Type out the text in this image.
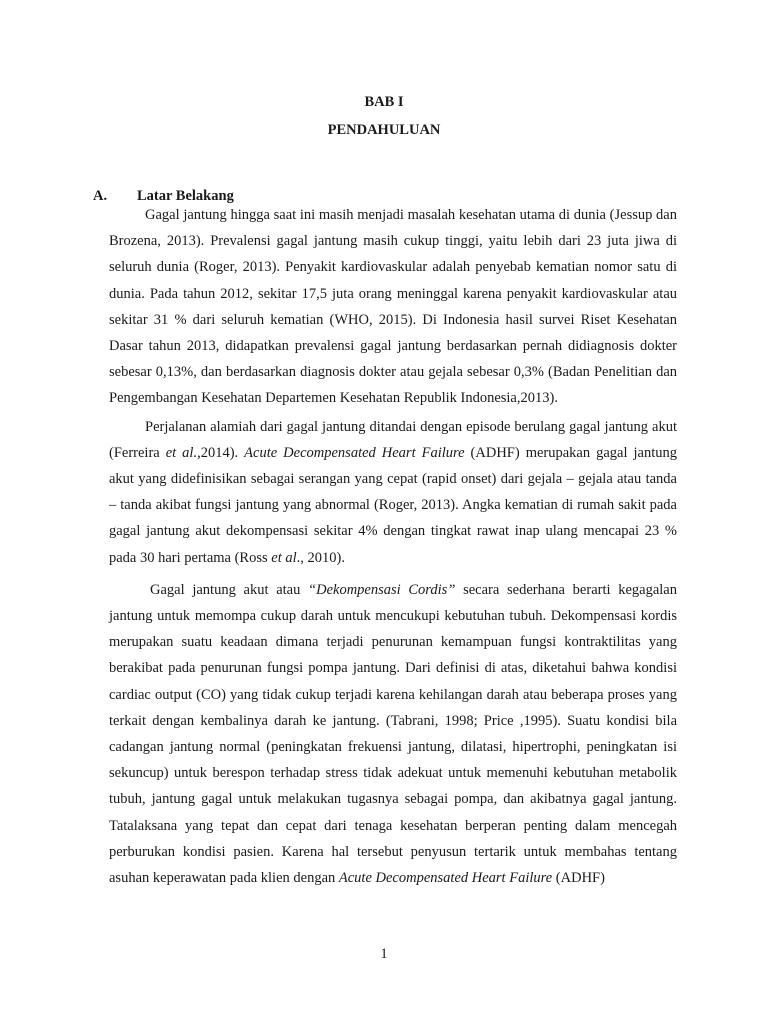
BAB I
PENDAHULUAN
A.	Latar Belakang

Gagal jantung hingga saat ini masih menjadi masalah kesehatan utama di dunia (Jessup dan Brozena, 2013). Prevalensi gagal jantung masih cukup tinggi, yaitu lebih dari 23 juta jiwa di seluruh dunia (Roger, 2013). Penyakit kardiovaskular adalah penyebab kematian nomor satu di dunia. Pada tahun 2012, sekitar 17,5 juta orang meninggal karena penyakit kardiovaskular atau sekitar 31 % dari seluruh kematian (WHO, 2015). Di Indonesia hasil survei Riset Kesehatan Dasar tahun 2013, didapatkan prevalensi gagal jantung berdasarkan pernah didiagnosis dokter sebesar 0,13%, dan berdasarkan diagnosis dokter atau gejala sebesar 0,3% (Badan Penelitian dan Pengembangan Kesehatan Departemen Kesehatan Republik Indonesia,2013).

Perjalanan alamiah dari gagal jantung ditandai dengan episode berulang gagal jantung akut (Ferreira et al.,2014). Acute Decompensated Heart Failure (ADHF) merupakan gagal jantung akut yang didefinisikan sebagai serangan yang cepat (rapid onset) dari gejala – gejala atau tanda – tanda akibat fungsi jantung yang abnormal (Roger, 2013). Angka kematian di rumah sakit pada gagal jantung akut dekompensasi sekitar 4% dengan tingkat rawat inap ulang mencapai 23 % pada 30 hari pertama (Ross et al., 2010).

Gagal jantung akut atau “Dekompensasi Cordis” secara sederhana berarti kegagalan jantung untuk memompa cukup darah untuk mencukupi kebutuhan tubuh. Dekompensasi kordis merupakan suatu keadaan dimana terjadi penurunan kemampuan fungsi kontraktilitas yang berakibat pada penurunan fungsi pompa jantung. Dari definisi di atas, diketahui bahwa kondisi cardiac output (CO) yang tidak cukup terjadi karena kehilangan darah atau beberapa proses yang terkait dengan kembalinya darah ke jantung. (Tabrani, 1998; Price ,1995). Suatu kondisi bila cadangan jantung normal (peningkatan frekuensi jantung, dilatasi, hipertrophi, peningkatan isi sekuncup) untuk berespon terhadap stress tidak adekuat untuk memenuhi kebutuhan metabolik tubuh, jantung gagal untuk melakukan tugasnya sebagai pompa, dan akibatnya gagal jantung. Tatalaksana yang tepat dan cepat dari tenaga kesehatan berperan penting dalam mencegah perburukan kondisi pasien. Karena hal tersebut penyusun tertarik untuk membahas tentang asuhan keperawatan pada klien dengan Acute Decompensated Heart Failure (ADHF)

1
